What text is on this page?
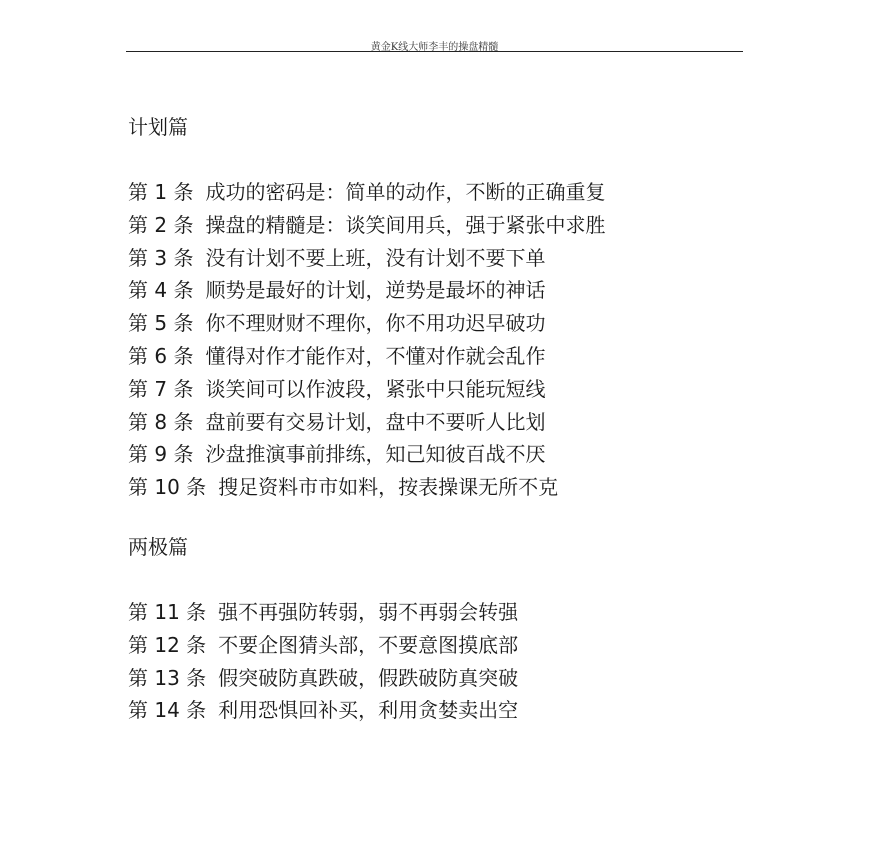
黄金K线大师李丰的操盘精髓
计划篇
第 1 条 成功的密码是：简单的动作，不断的正确重复
第 2 条 操盘的精髓是：谈笑间用兵，强于紧张中求胜
第 3 条 没有计划不要上班，没有计划不要下单
第 4 条 顺势是最好的计划，逆势是最坏的神话
第 5 条 你不理财财不理你，你不用功迟早破功
第 6 条 懂得对作才能作对，不懂对作就会乱作
第 7 条 谈笑间可以作波段，紧张中只能玩短线
第 8 条 盘前要有交易计划，盘中不要听人比划
第 9 条 沙盘推演事前排练，知己知彼百战不厌
第 10 条 搜足资料市市如料，按表操课无所不克
两极篇
第 11 条 强不再强防转弱，弱不再弱会转强
第 12 条 不要企图猜头部，不要意图摸底部
第 13 条 假突破防真跌破，假跌破防真突破
第 14 条 利用恐惧回补买，利用贪婪卖出空
